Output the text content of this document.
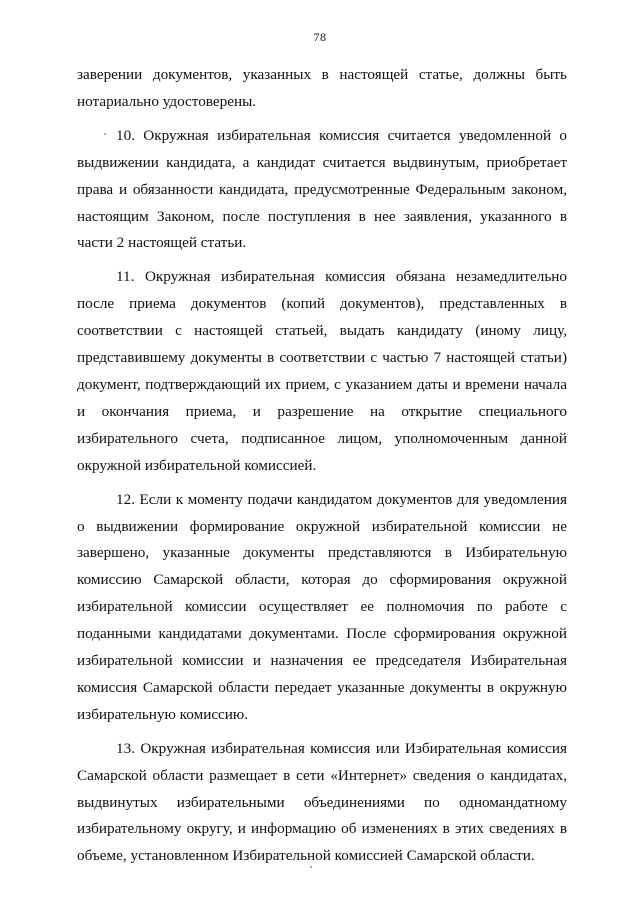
78

заверении документов, указанных в настоящей статье, должны быть нотариально удостоверены.

10. Окружная избирательная комиссия считается уведомленной о выдвижении кандидата, а кандидат считается выдвинутым, приобретает права и обязанности кандидата, предусмотренные Федеральным законом, настоящим Законом, после поступления в нее заявления, указанного в части 2 настоящей статьи.

11. Окружная избирательная комиссия обязана незамедлительно после приема документов (копий документов), представленных в соответствии с настоящей статьей, выдать кандидату (иному лицу, представившему документы в соответствии с частью 7 настоящей статьи) документ, подтверждающий их прием, с указанием даты и времени начала и окончания приема, и разрешение на открытие специального избирательного счета, подписанное лицом, уполномоченным данной окружной избирательной комиссией.

12. Если к моменту подачи кандидатом документов для уведомления о выдвижении формирование окружной избирательной комиссии не завершено, указанные документы представляются в Избирательную комиссию Самарской области, которая до сформирования окружной избирательной комиссии осуществляет ее полномочия по работе с поданными кандидатами документами. После сформирования окружной избирательной комиссии и назначения ее председателя Избирательная комиссия Самарской области передает указанные документы в окружную избирательную комиссию.

13. Окружная избирательная комиссия или Избирательная комиссия Самарской области размещает в сети «Интернет» сведения о кандидатах, выдвинутых избирательными объединениями по одномандатному избирательному округу, и информацию об изменениях в этих сведениях в объеме, установленном Избирательной комиссией Самарской области.
